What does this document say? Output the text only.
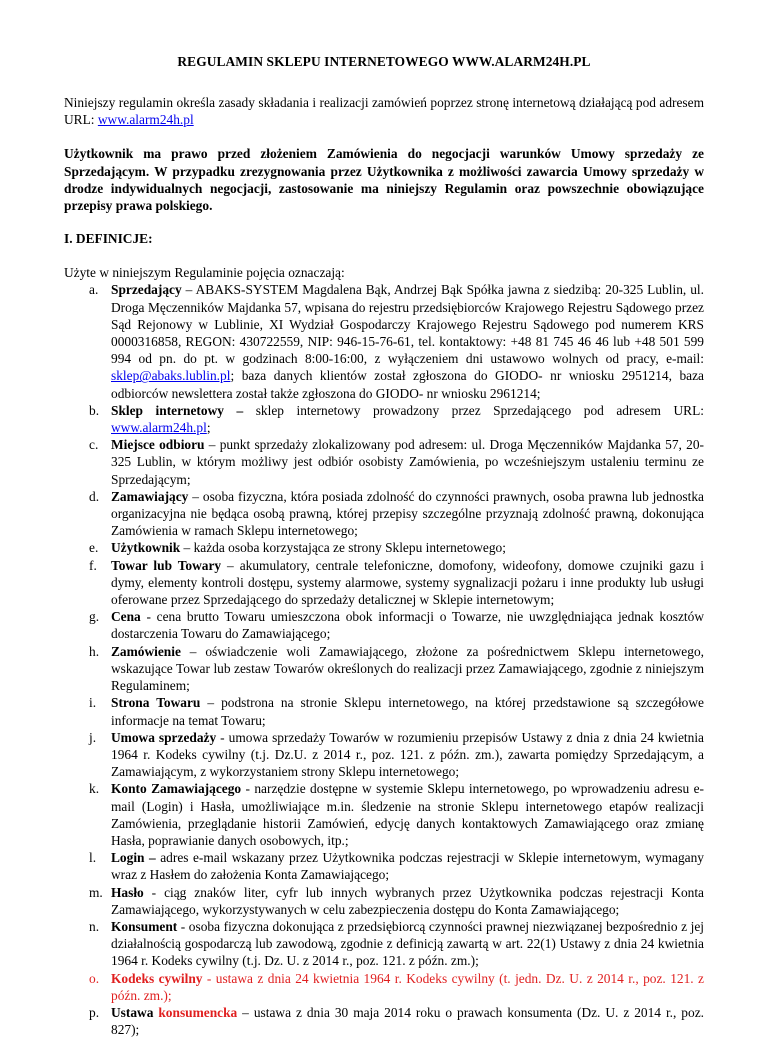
REGULAMIN SKLEPU INTERNETOWEGO WWW.ALARM24H.PL

Niniejszy regulamin określa zasady składania i realizacji zamówień poprzez stronę internetową działającą pod adresem URL: www.alarm24h.pl

Użytkownik ma prawo przed złożeniem Zamówienia do negocjacji warunków Umowy sprzedaży ze Sprzedającym. W przypadku zrezygnowania przez Użytkownika z możliwości zawarcia Umowy sprzedaży w drodze indywidualnych negocjacji, zastosowanie ma niniejszy Regulamin oraz powszechnie obowiązujące przepisy prawa polskiego.

I. DEFINICJE:

Użyte w niniejszym Regulaminie pojęcia oznaczają:

a. Sprzedający – ABAKS-SYSTEM Magdalena Bąk, Andrzej Bąk Spółka jawna z siedzibą: 20-325 Lublin, ul. Droga Męczenników Majdanka 57, wpisana do rejestru przedsiębiorców Krajowego Rejestru Sądowego przez Sąd Rejonowy w Lublinie, XI Wydział Gospodarczy Krajowego Rejestru Sądowego pod numerem KRS 0000316858, REGON: 430722559, NIP: 946-15-76-61, tel. kontaktowy: +48 81 745 46 46 lub +48 501 599 994 od pn. do pt. w godzinach 8:00-16:00, z wyłączeniem dni ustawowo wolnych od pracy, e-mail: sklep@abaks.lublin.pl; baza danych klientów został zgłoszona do GIODO- nr wniosku 2951214, baza odbiorców newslettera został także zgłoszona do GIODO- nr wniosku 2961214;
b. Sklep internetowy – sklep internetowy prowadzony przez Sprzedającego pod adresem URL: www.alarm24h.pl;
c. Miejsce odbioru – punkt sprzedaży zlokalizowany pod adresem: ul. Droga Męczenników Majdanka 57, 20-325 Lublin, w którym możliwy jest odbiór osobisty Zamówienia, po wcześniejszym ustaleniu terminu ze Sprzedającym;
d. Zamawiający – osoba fizyczna, która posiada zdolność do czynności prawnych, osoba prawna lub jednostka organizacyjna nie będąca osobą prawną, której przepisy szczególne przyznają zdolność prawną, dokonująca Zamówienia w ramach Sklepu internetowego;
e. Użytkownik – każda osoba korzystająca ze strony Sklepu internetowego;
f. Towar lub Towary – akumulatory, centrale telefoniczne, domofony, wideofony, domowe czujniki gazu i dymy, elementy kontroli dostępu, systemy alarmowe, systemy sygnalizacji pożaru i inne produkty lub usługi oferowane przez Sprzedającego do sprzedaży detalicznej w Sklepie internetowym;
g. Cena - cena brutto Towaru umieszczona obok informacji o Towarze, nie uwzględniająca jednak kosztów dostarczenia Towaru do Zamawiającego;
h. Zamówienie – oświadczenie woli Zamawiającego, złożone za pośrednictwem Sklepu internetowego, wskazujące Towar lub zestaw Towarów określonych do realizacji przez Zamawiającego, zgodnie z niniejszym Regulaminem;
i. Strona Towaru – podstrona na stronie Sklepu internetowego, na której przedstawione są szczegółowe informacje na temat Towaru;
j. Umowa sprzedaży - umowa sprzedaży Towarów w rozumieniu przepisów Ustawy z dnia z dnia 24 kwietnia 1964 r. Kodeks cywilny (t.j. Dz.U. z 2014 r., poz. 121. z późn. zm.), zawarta pomiędzy Sprzedającym, a Zamawiającym, z wykorzystaniem strony Sklepu internetowego;
k. Konto Zamawiającego - narzędzie dostępne w systemie Sklepu internetowego, po wprowadzeniu adresu e-mail (Login) i Hasła, umożliwiające m.in. śledzenie na stronie Sklepu internetowego etapów realizacji Zamówienia, przeglądanie historii Zamówień, edycję danych kontaktowych Zamawiającego oraz zmianę Hasła, poprawianie danych osobowych, itp.;
l. Login – adres e-mail wskazany przez Użytkownika podczas rejestracji w Sklepie internetowym, wymagany wraz z Hasłem do założenia Konta Zamawiającego;
m. Hasło - ciąg znaków liter, cyfr lub innych wybranych przez Użytkownika podczas rejestracji Konta Zamawiającego, wykorzystywanych w celu zabezpieczenia dostępu do Konta Zamawiającego;
n. Konsument - osoba fizyczna dokonująca z przedsiębiorcą czynności prawnej niezwiązanej bezpośrednio z jej działalnością gospodarczą lub zawodową, zgodnie z definicją zawartą w art. 22(1) Ustawy z dnia 24 kwietnia 1964 r. Kodeks cywilny (t.j. Dz. U. z 2014 r., poz. 121. z późn. zm.);
o. Kodeks cywilny - ustawa z dnia 24 kwietnia 1964 r. Kodeks cywilny (t. jedn. Dz. U. z 2014 r., poz. 121. z późn. zm.);
p. Ustawa konsumencka – ustawa z dnia 30 maja 2014 roku o prawach konsumenta (Dz. U. z 2014 r., poz. 827);
